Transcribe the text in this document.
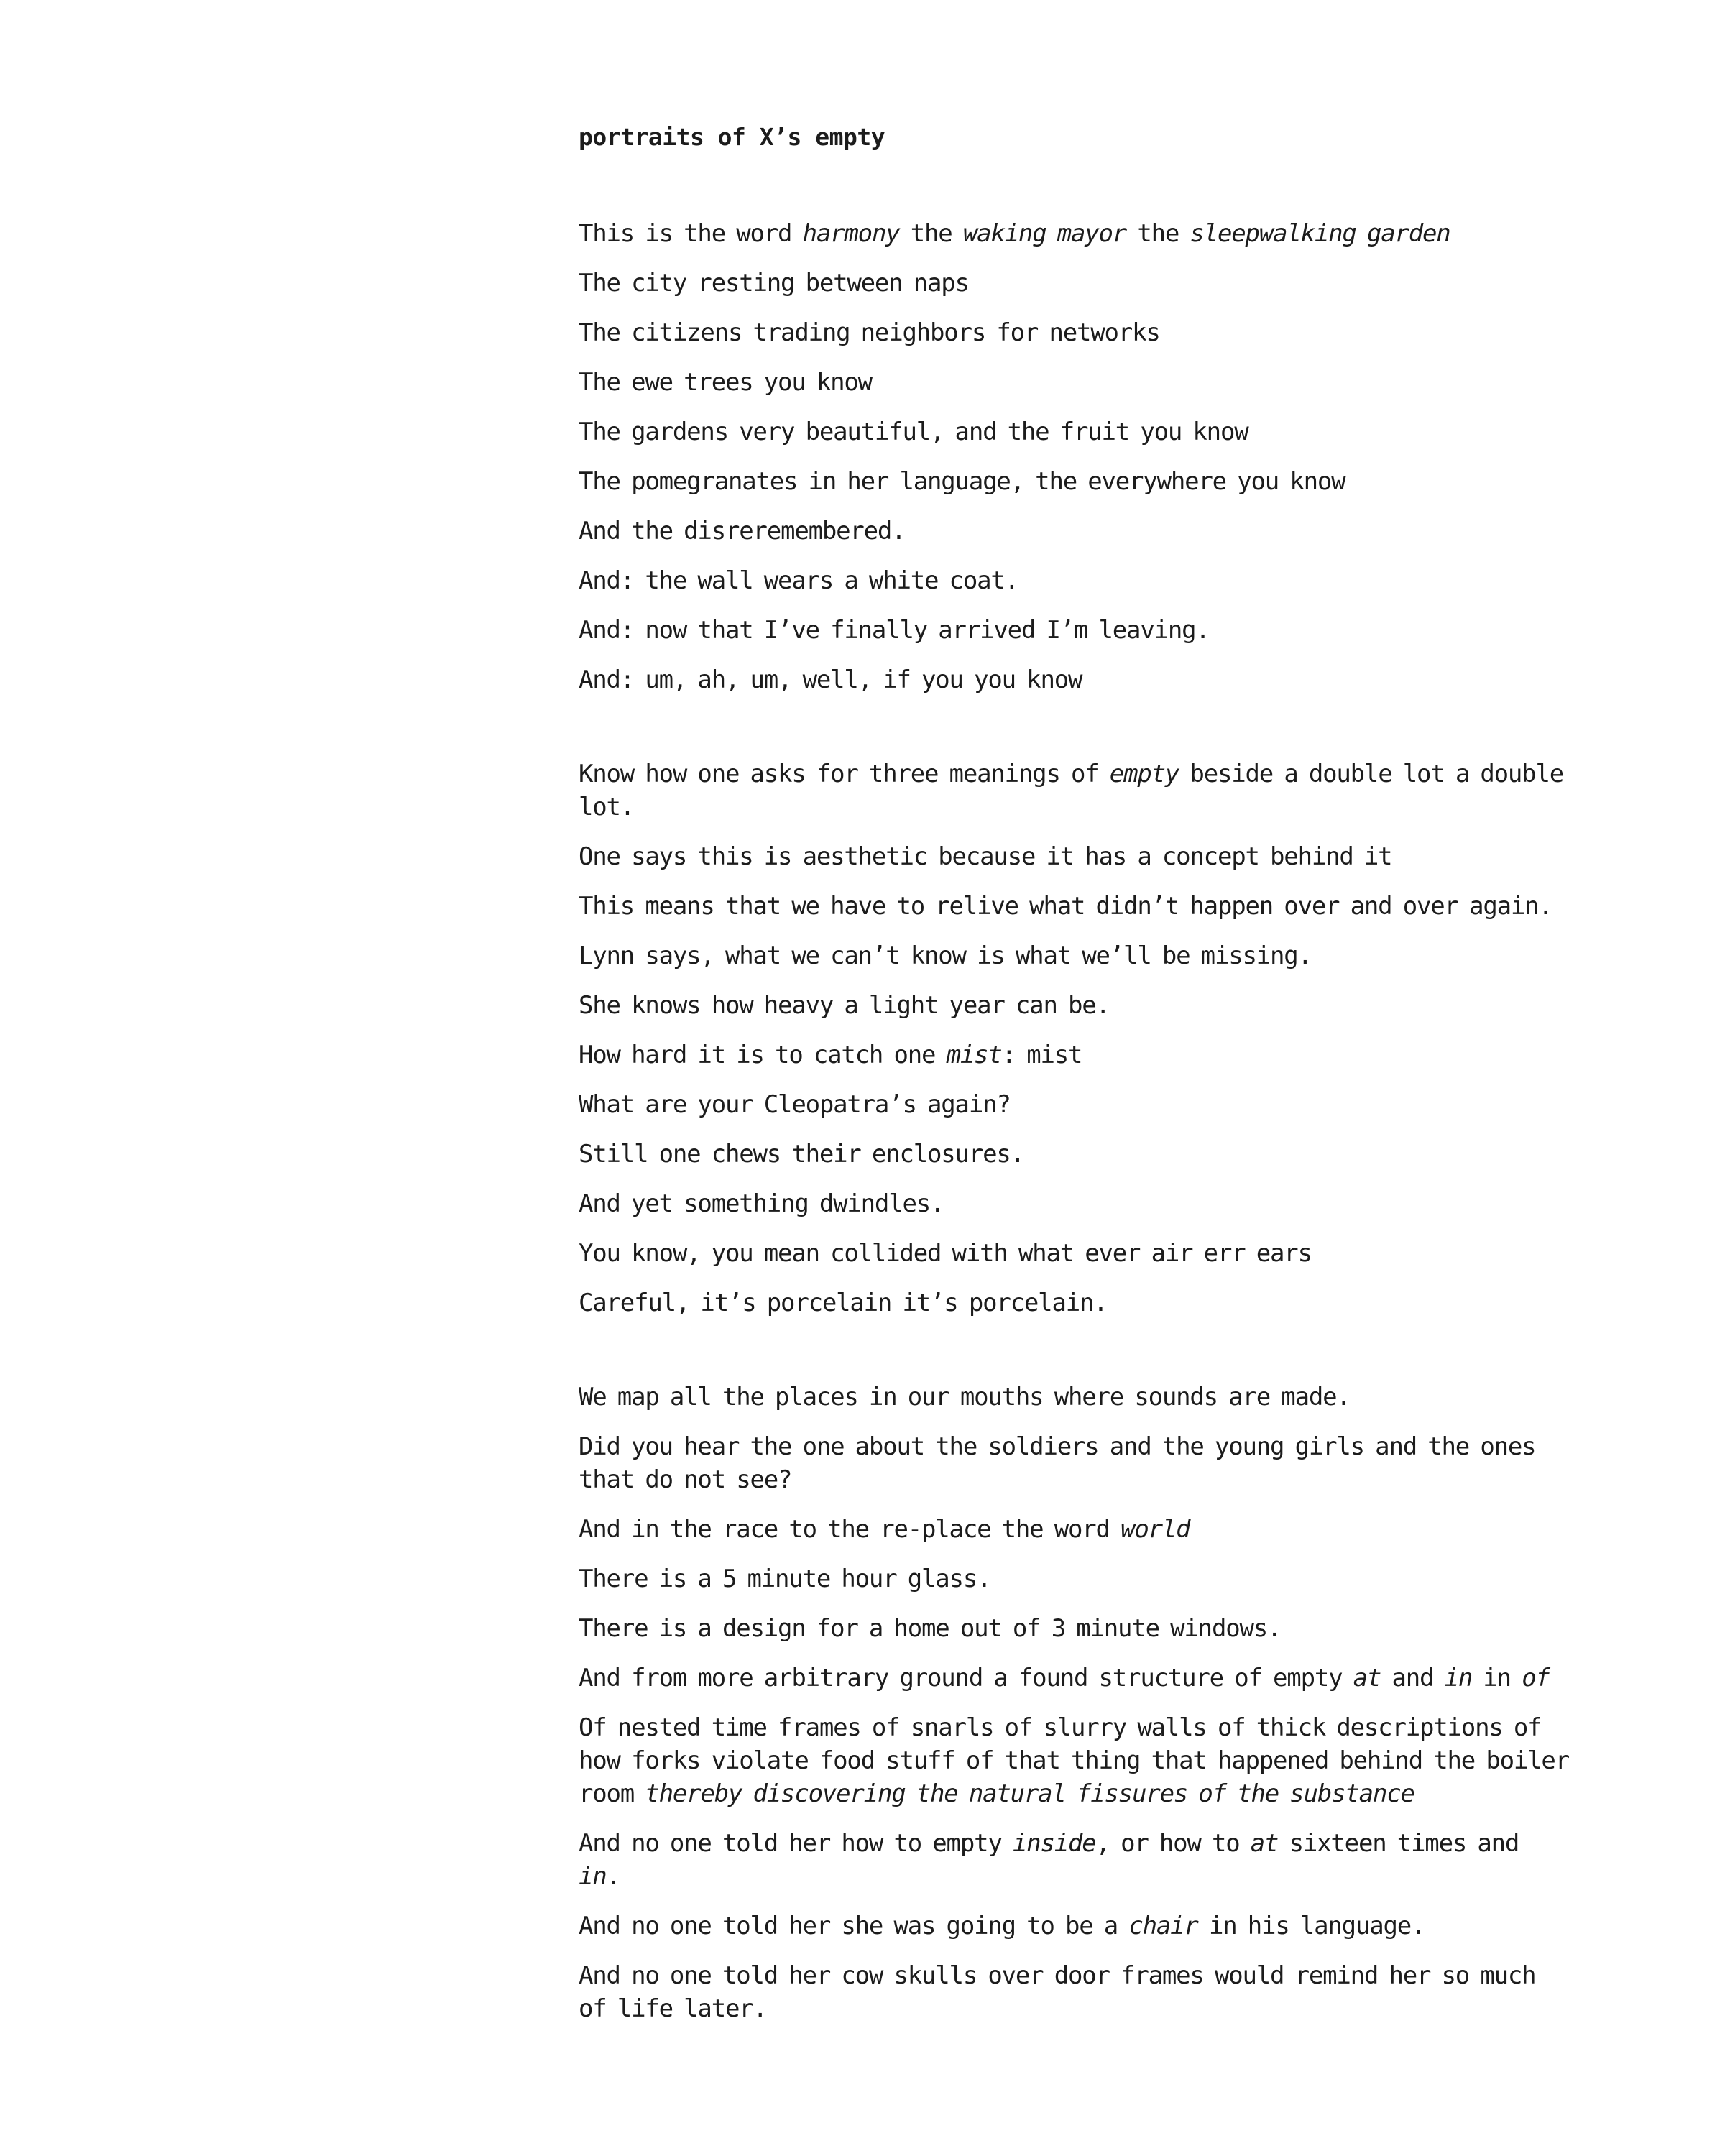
portraits of X’s empty

This is the word harmony the waking mayor the sleepwalking garden

The city resting between naps

The citizens trading neighbors for networks

The ewe trees you know

The gardens very beautiful, and the fruit you know

The pomegranates in her language, the everywhere you know

And the disreremembered.

And: the wall wears a white coat.

And: now that I’ve finally arrived I’m leaving.

And: um, ah, um, well, if you you know

Know how one asks for three meanings of empty beside a double lot a double lot.

One says this is aesthetic because it has a concept behind it

This means that we have to relive what didn’t happen over and over again.

Lynn says, what we can’t know is what we’ll be missing.

She knows how heavy a light year can be.

How hard it is to catch one mist: mist

What are your Cleopatra’s again?

Still one chews their enclosures.

And yet something dwindles.

You know, you mean collided with what ever air err ears

Careful, it’s porcelain it’s porcelain.

We map all the places in our mouths where sounds are made.

Did you hear the one about the soldiers and the young girls and the ones that do not see?

And in the race to the re-place the word world

There is a 5 minute hour glass.

There is a design for a home out of 3 minute windows.

And from more arbitrary ground a found structure of empty at and in in of

Of nested time frames of snarls of slurry walls of thick descriptions of how forks violate food stuff of that thing that happened behind the boiler room thereby discovering the natural fissures of the substance

And no one told her how to empty inside, or how to at sixteen times and in.

And no one told her she was going to be a chair in his language.

And no one told her cow skulls over door frames would remind her so much of life later.
